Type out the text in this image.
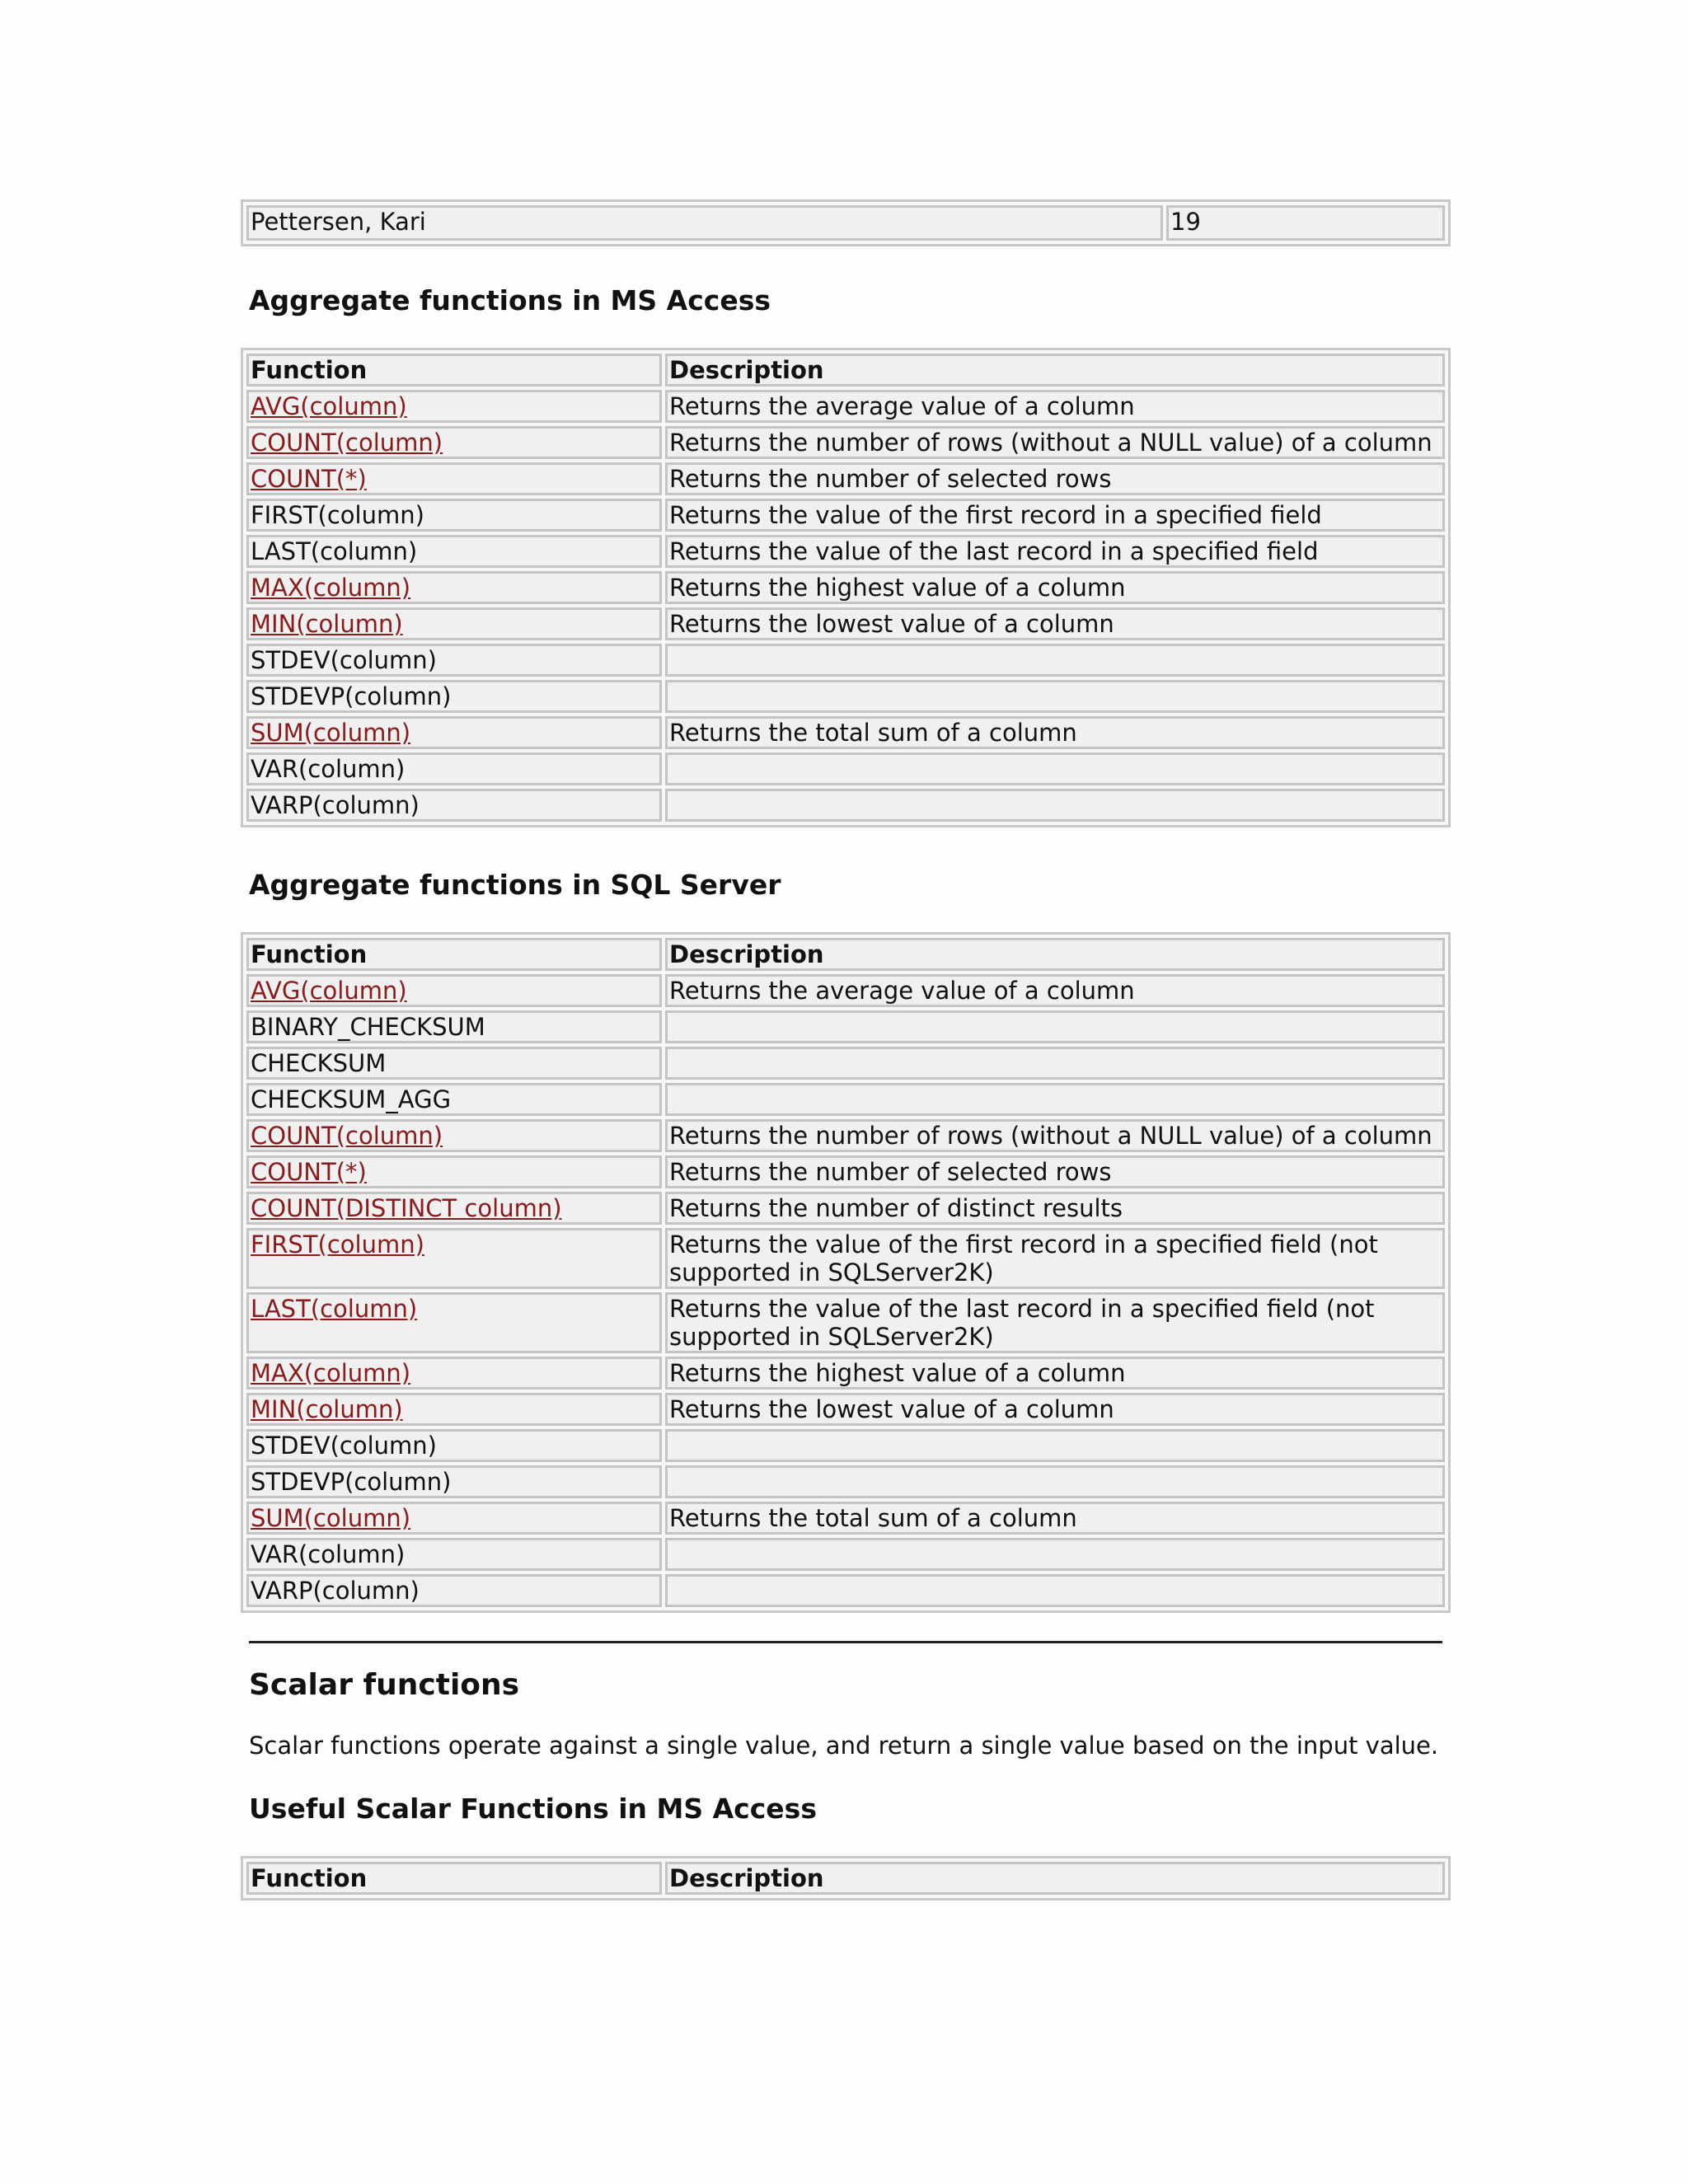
Pettersen, Kari	19
Aggregate functions in MS Access
Function	Description
AVG(column)	Returns the average value of a column
COUNT(column)	Returns the number of rows (without a NULL value) of a column
COUNT(*)	Returns the number of selected rows
FIRST(column)	Returns the value of the first record in a specified field
LAST(column)	Returns the value of the last record in a specified field
MAX(column)	Returns the highest value of a column
MIN(column)	Returns the lowest value of a column
STDEV(column)	
STDEVP(column)	
SUM(column)	Returns the total sum of a column
VAR(column)	
VARP(column)	
Aggregate functions in SQL Server
Function	Description
AVG(column)	Returns the average value of a column
BINARY_CHECKSUM	
CHECKSUM	
CHECKSUM_AGG	
COUNT(column)	Returns the number of rows (without a NULL value) of a column
COUNT(*)	Returns the number of selected rows
COUNT(DISTINCT column)	Returns the number of distinct results
FIRST(column)	Returns the value of the first record in a specified field (not supported in SQLServer2K)
LAST(column)	Returns the value of the last record in a specified field (not supported in SQLServer2K)
MAX(column)	Returns the highest value of a column
MIN(column)	Returns the lowest value of a column
STDEV(column)	
STDEVP(column)	
SUM(column)	Returns the total sum of a column
VAR(column)	
VARP(column)	
Scalar functions

Scalar functions operate against a single value, and return a single value based on the input value.

Useful Scalar Functions in MS Access
Function	Description
